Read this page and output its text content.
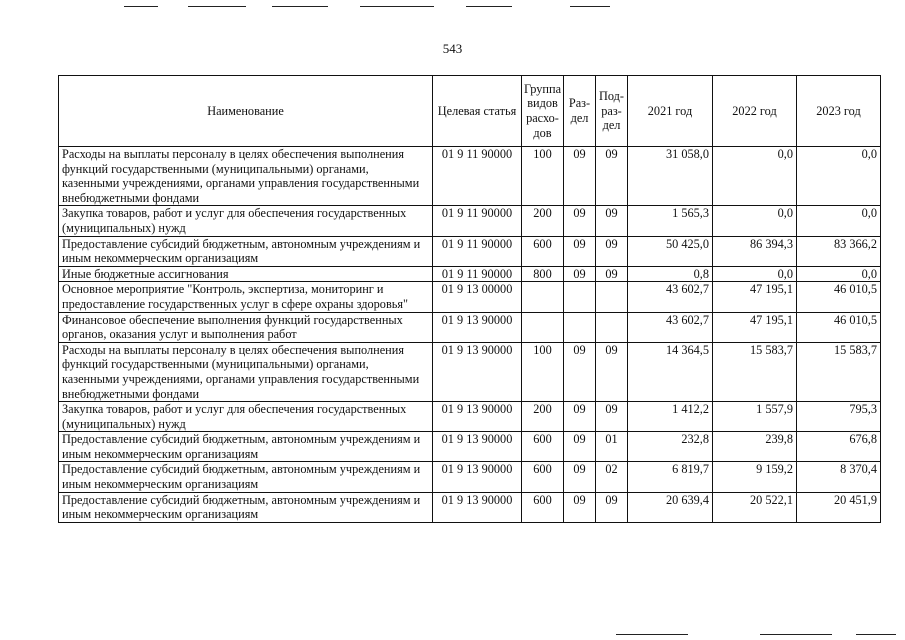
543
Наименование	Целевая статья	Группа видов расхо- дов	Раз- дел	Под- раз- дел	2021 год	2022 год	2023 год
Расходы на выплаты персоналу в целях обеспечения выполнения функций государственными (муниципальными) органами, казенными учреждениями, органами управления государственными внебюджетными фондами	01 9 11 90000	100	09	09	31 058,0	0,0	0,0
Закупка товаров, работ и услуг для обеспечения государственных (муниципальных) нужд	01 9 11 90000	200	09	09	1 565,3	0,0	0,0
Предоставление субсидий бюджетным, автономным учреждениям и иным некоммерческим организациям	01 9 11 90000	600	09	09	50 425,0	86 394,3	83 366,2
Иные бюджетные ассигнования	01 9 11 90000	800	09	09	0,8	0,0	0,0
Основное мероприятие "Контроль, экспертиза, мониторинг и предоставление государственных услуг в сфере охраны здоровья"	01 9 13 00000				43 602,7	47 195,1	46 010,5
Финансовое обеспечение выполнения функций государственных органов, оказания услуг и выполнения работ	01 9 13 90000				43 602,7	47 195,1	46 010,5
Расходы на выплаты персоналу в целях обеспечения выполнения функций государственными (муниципальными) органами, казенными учреждениями, органами управления государственными внебюджетными фондами	01 9 13 90000	100	09	09	14 364,5	15 583,7	15 583,7
Закупка товаров, работ и услуг для обеспечения государственных (муниципальных) нужд	01 9 13 90000	200	09	09	1 412,2	1 557,9	795,3
Предоставление субсидий бюджетным, автономным учреждениям и иным некоммерческим организациям	01 9 13 90000	600	09	01	232,8	239,8	676,8
Предоставление субсидий бюджетным, автономным учреждениям и иным некоммерческим организациям	01 9 13 90000	600	09	02	6 819,7	9 159,2	8 370,4
Предоставление субсидий бюджетным, автономным учреждениям и иным некоммерческим организациям	01 9 13 90000	600	09	09	20 639,4	20 522,1	20 451,9
